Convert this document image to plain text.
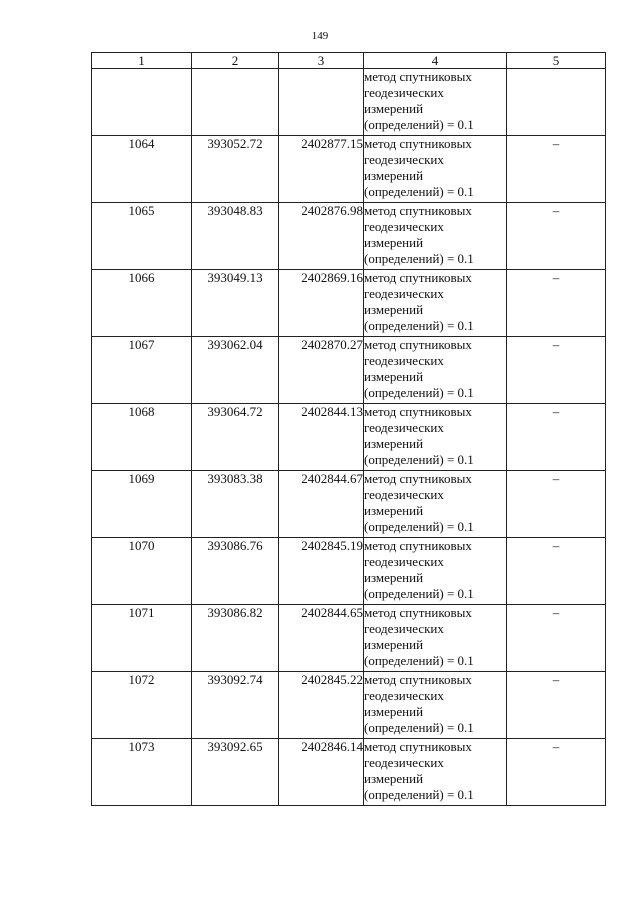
149
1	2	3	4	5

			метод спутниковых
геодезических
измерений
(определений) = 0.1	

1064	393052.72	2402877.15	метод спутниковых
геодезических
измерений
(определений) = 0.1	–
1065	393048.83	2402876.98	метод спутниковых
геодезических
измерений
(определений) = 0.1	–
1066	393049.13	2402869.16	метод спутниковых
геодезических
измерений
(определений) = 0.1	–
1067	393062.04	2402870.27	метод спутниковых
геодезических
измерений
(определений) = 0.1	–
1068	393064.72	2402844.13	метод спутниковых
геодезических
измерений
(определений) = 0.1	–
1069	393083.38	2402844.67	метод спутниковых
геодезических
измерений
(определений) = 0.1	–
1070	393086.76	2402845.19	метод спутниковых
геодезических
измерений
(определений) = 0.1	–
1071	393086.82	2402844.65	метод спутниковых
геодезических
измерений
(определений) = 0.1	–
1072	393092.74	2402845.22	метод спутниковых
геодезических
измерений
(определений) = 0.1	–
1073	393092.65	2402846.14	метод спутниковых
геодезических
измерений
(определений) = 0.1	–
